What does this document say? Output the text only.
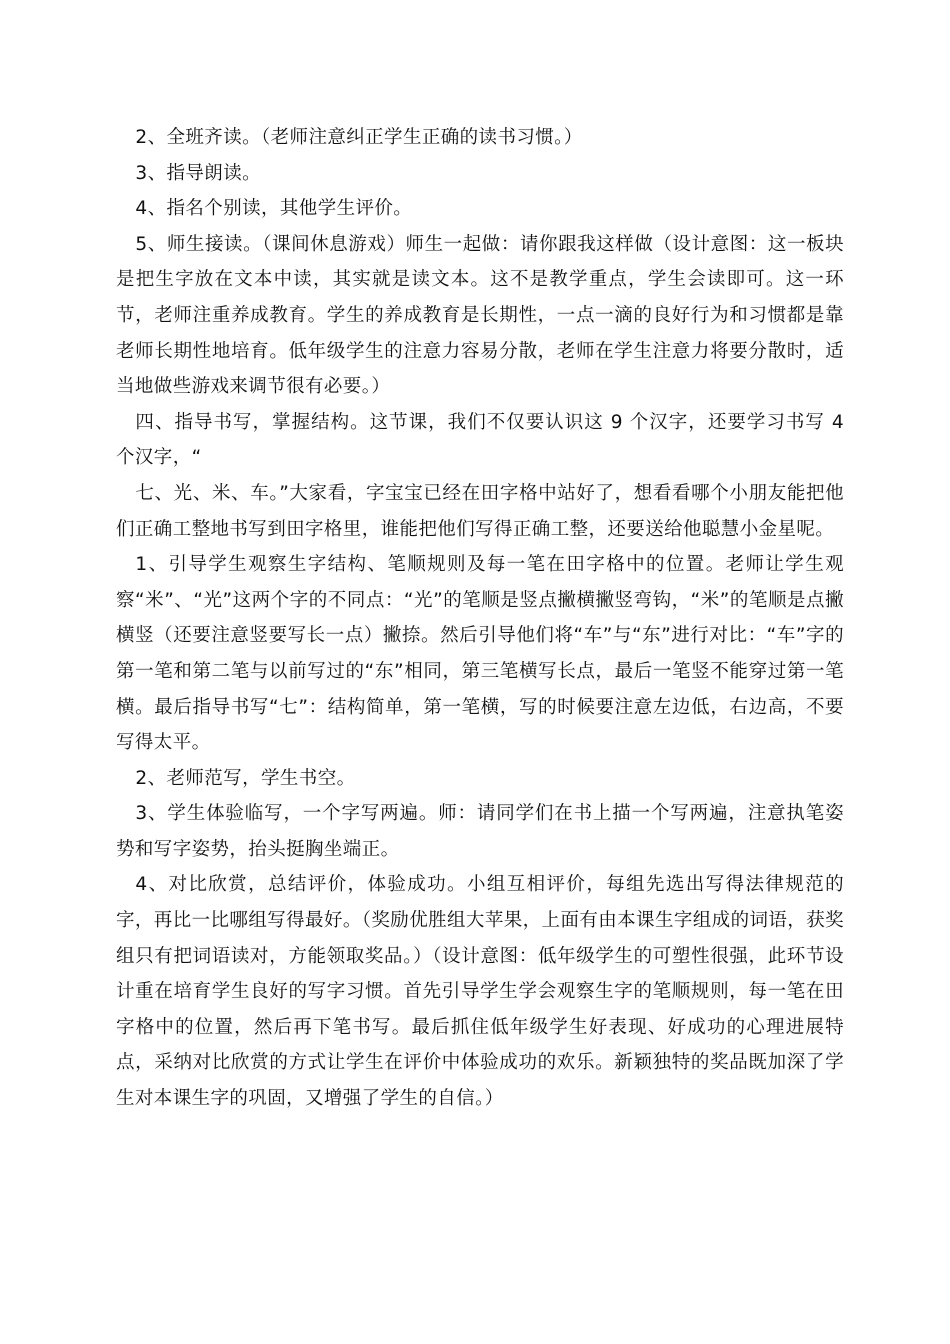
2、全班齐读。（老师注意纠正学生正确的读书习惯。）

3、指导朗读。

4、指名个别读，其他学生评价。

5、师生接读。（课间休息游戏）师生一起做：请你跟我这样做（设计意图：这一板块是把生字放在文本中读，其实就是读文本。这不是教学重点，学生会读即可。这一环节，老师注重养成教育。学生的养成教育是长期性，一点一滴的良好行为和习惯都是靠老师长期性地培育。低年级学生的注意力容易分散，老师在学生注意力将要分散时，适当地做些游戏来调节很有必要。）

四、指导书写，掌握结构。这节课，我们不仅要认识这 9 个汉字，还要学习书写 4 个汉字，“

七、光、米、车。”大家看，字宝宝已经在田字格中站好了，想看看哪个小朋友能把他们正确工整地书写到田字格里，谁能把他们写得正确工整，还要送给他聪慧小金星呢。

1、引导学生观察生字结构、笔顺规则及每一笔在田字格中的位置。老师让学生观察“米”、“光”这两个字的不同点：“光”的笔顺是竖点撇横撇竖弯钩，“米”的笔顺是点撇横竖（还要注意竖要写长一点）撇捺。然后引导他们将“车”与“东”进行对比：“车”字的第一笔和第二笔与以前写过的“东”相同，第三笔横写长点，最后一笔竖不能穿过第一笔横。最后指导书写“七”：结构简单，第一笔横，写的时候要注意左边低，右边高，不要写得太平。

2、老师范写，学生书空。

3、学生体验临写，一个字写两遍。师：请同学们在书上描一个写两遍，注意执笔姿势和写字姿势，抬头挺胸坐端正。

4、对比欣赏，总结评价，体验成功。小组互相评价，每组先选出写得法律规范的字，再比一比哪组写得最好。（奖励优胜组大苹果，上面有由本课生字组成的词语，获奖组只有把词语读对，方能领取奖品。）（设计意图：低年级学生的可塑性很强，此环节设计重在培育学生良好的写字习惯。首先引导学生学会观察生字的笔顺规则，每一笔在田字格中的位置，然后再下笔书写。最后抓住低年级学生好表现、好成功的心理进展特点，采纳对比欣赏的方式让学生在评价中体验成功的欢乐。新颖独特的奖品既加深了学生对本课生字的巩固，又增强了学生的自信。）
